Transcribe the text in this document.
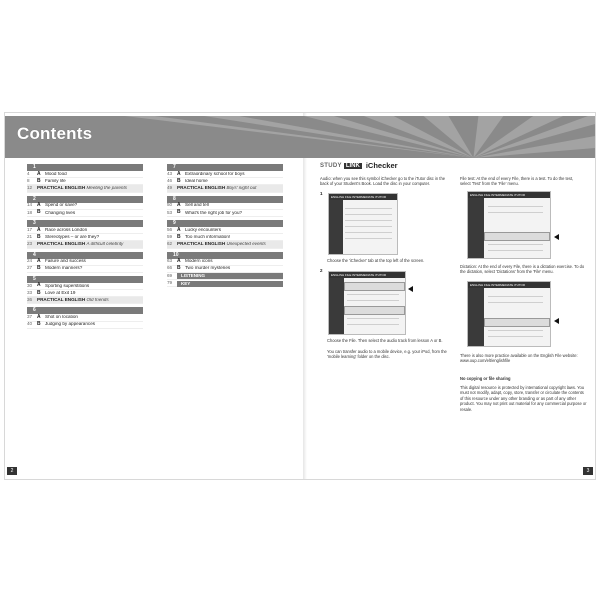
Contents
1
4	A Mood food
8	B Family life
12	PRACTICAL ENGLISH Meeting the parents
2
14 A Spend or save?
18 B Changing lives
3
17 A Race across London
21 B Stereotypes – or are they?
23	PRACTICAL ENGLISH A difficult celebrity
4
24 A Failure and success
27 B Modern manners?
5
30 A Sporting superstitions
33 B Love at Exit 19
36	PRACTICAL ENGLISH Old friends
6
37 A Shot on location
40 B Judging by appearances
7
43 A Extraordinary school for boys
46 B Ideal home
49	PRACTICAL ENGLISH Boys' night out
8
50 A Sell and tell
53 B What's the right job for you?
9
56 A Lucky encounters
59 B Too much information!
62	PRACTICAL ENGLISH Unexpected events
10
63 A Modern icons
66 B Two murder mysteries
69	LISTENING
79	KEY
STUDY LINK iChecker
Audio: when you see this symbol iChecker go to the iTutor disc in the back of your Student's Book. Load the disc in your computer.
1
ENGLISH FILE INTERMEDIATE iTUTOR
Choose the 'iChecker' tab at the top left of the screen.
2
ENGLISH FILE INTERMEDIATE iTUTOR
Choose the File. Then select the audio track from lesson A or B.
You can transfer audio to a mobile device, e.g. your iPod, from the 'mobile learning' folder on the disc.
File test: At the end of every File, there is a test. To do the test, select 'Test' from the 'File' menu.
ENGLISH FILE INTERMEDIATE iTUTOR
Dictation: At the end of every File, there is a dictation exercise. To do the dictation, select 'Dictations' from the 'File' menu.
ENGLISH FILE INTERMEDIATE iTUTOR
There is also more practice available on the English File website: www.oup.com/elt/englishfile
No copying or file sharing
This digital resource is protected by international copyright laws. You must not modify, adapt, copy, store, transfer or circulate the contents of this resource under any other branding or as part of any other product. You may not print out material for any commercial purpose or resale.
2	3
